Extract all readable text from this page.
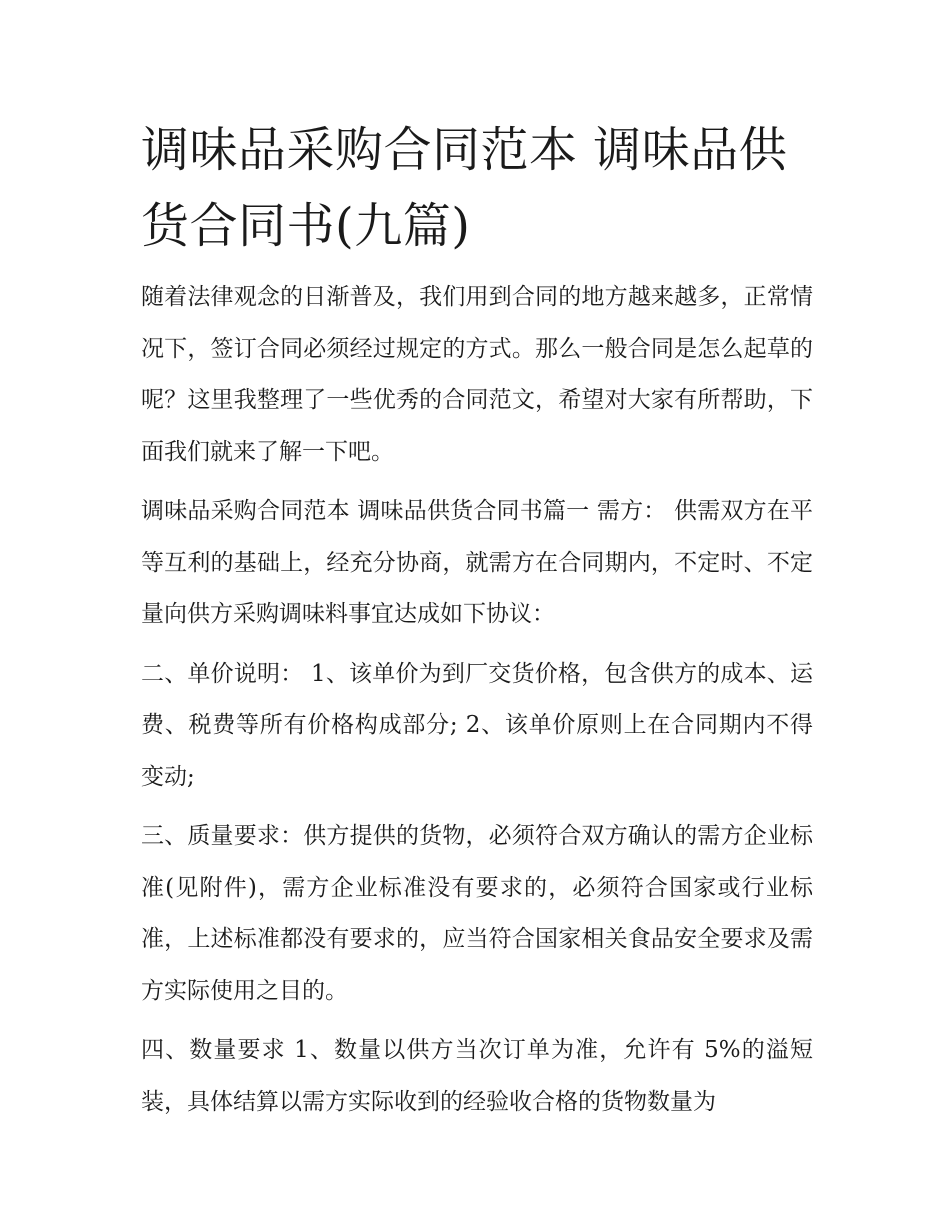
调味品采购合同范本 调味品供货合同书(九篇)

随着法律观念的日渐普及，我们用到合同的地方越来越多，正常情况下，签订合同必须经过规定的方式。那么一般合同是怎么起草的呢？这里我整理了一些优秀的合同范文，希望对大家有所帮助，下面我们就来了解一下吧。

调味品采购合同范本 调味品供货合同书篇一 需方： 供需双方在平等互利的基础上，经充分协商，就需方在合同期内，不定时、不定量向供方采购调味料事宜达成如下协议：

二、单价说明： 1、该单价为到厂交货价格，包含供方的成本、运费、税费等所有价格构成部分; 2、该单价原则上在合同期内不得变动;

三、质量要求：供方提供的货物，必须符合双方确认的需方企业标准(见附件)，需方企业标准没有要求的，必须符合国家或行业标准，上述标准都没有要求的，应当符合国家相关食品安全要求及需方实际使用之目的。

四、数量要求 1、数量以供方当次订单为准，允许有 5%的溢短装，具体结算以需方实际收到的经验收合格的货物数量为
